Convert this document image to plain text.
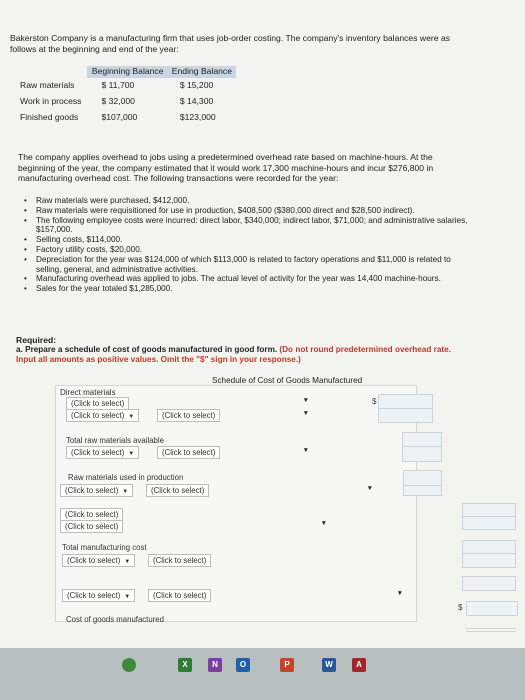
Bakerston Company is a manufacturing firm that uses job-order costing. The company's inventory balances were as follows at the beginning and end of the year:
	Beginning Balance	Ending Balance
Raw materials	$ 11,700	$ 15,200
Work in process	$ 32,000	$ 14,300
Finished goods	$107,000	$123,000
The company applies overhead to jobs using a predetermined overhead rate based on machine-hours. At the beginning of the year, the company estimated that it would work 17,300 machine-hours and incur $276,800 in manufacturing overhead cost. The following transactions were recorded for the year:
• Raw materials were purchased, $412,000.
• Raw materials were requisitioned for use in production, $408,500 ($380,000 direct and $28,500 indirect).
• The following employee costs were incurred: direct labor, $340,000; indirect labor, $71,000; and administrative salaries, $157,000.
• Selling costs, $114,000.
• Factory utility costs, $20,000.
• Depreciation for the year was $124,000 of which $113,000 is related to factory operations and $11,000 is related to selling, general, and administrative activities.
• Manufacturing overhead was applied to jobs. The actual level of activity for the year was 14,400 machine-hours.
• Sales for the year totaled $1,285,000.
Required:
a. Prepare a schedule of cost of goods manufactured in good form. (Do not round predetermined overhead rate. Input all amounts as positive values. Omit the "$" sign in your response.)
Schedule of Cost of Goods Manufactured
Direct materials
(Click to select)	▼	$
(Click to select) ▼	(Click to select)	▼
Total raw materials available
(Click to select) ▼	(Click to select)	▼
Raw materials used in production
(Click to select) ▼	(Click to select)	▼
(Click to select)
(Click to select)	▼
Total manufacturing cost
(Click to select) ▼	(Click to select)
(Click to select) ▼	(Click to select)	▼
Cost of goods manufactured
$
X	N	O	P	W	A
